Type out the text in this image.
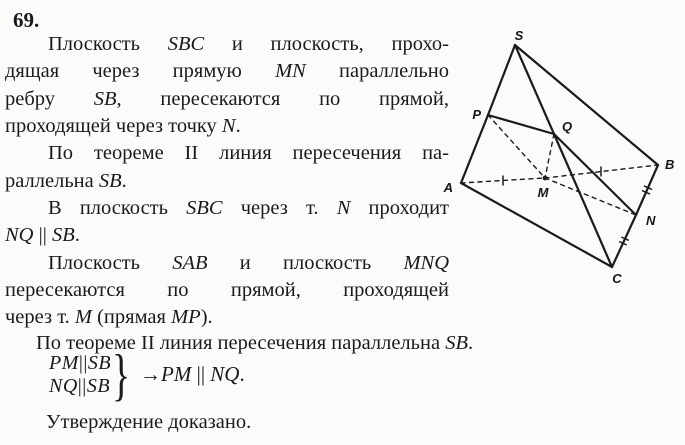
69.
Плоскость SBC и плоскость, прохо-
дящая через прямую MN параллельно
ребру SB, пересекаются по прямой,
проходящей через точку N.
По теореме II линия пересечения па-
раллельна SB.
В плоскость SBC через т. N проходит
NQ || SB.
Плоскость SAB и плоскость MNQ
пересекаются по прямой, проходящей
через т. M (прямая MP).
По теореме II линия пересечения параллельна SB.
PM||SB
NQ||SB } →PM || NQ.
Утверждение доказано.
S
P
Q
A
B
M
N
C
